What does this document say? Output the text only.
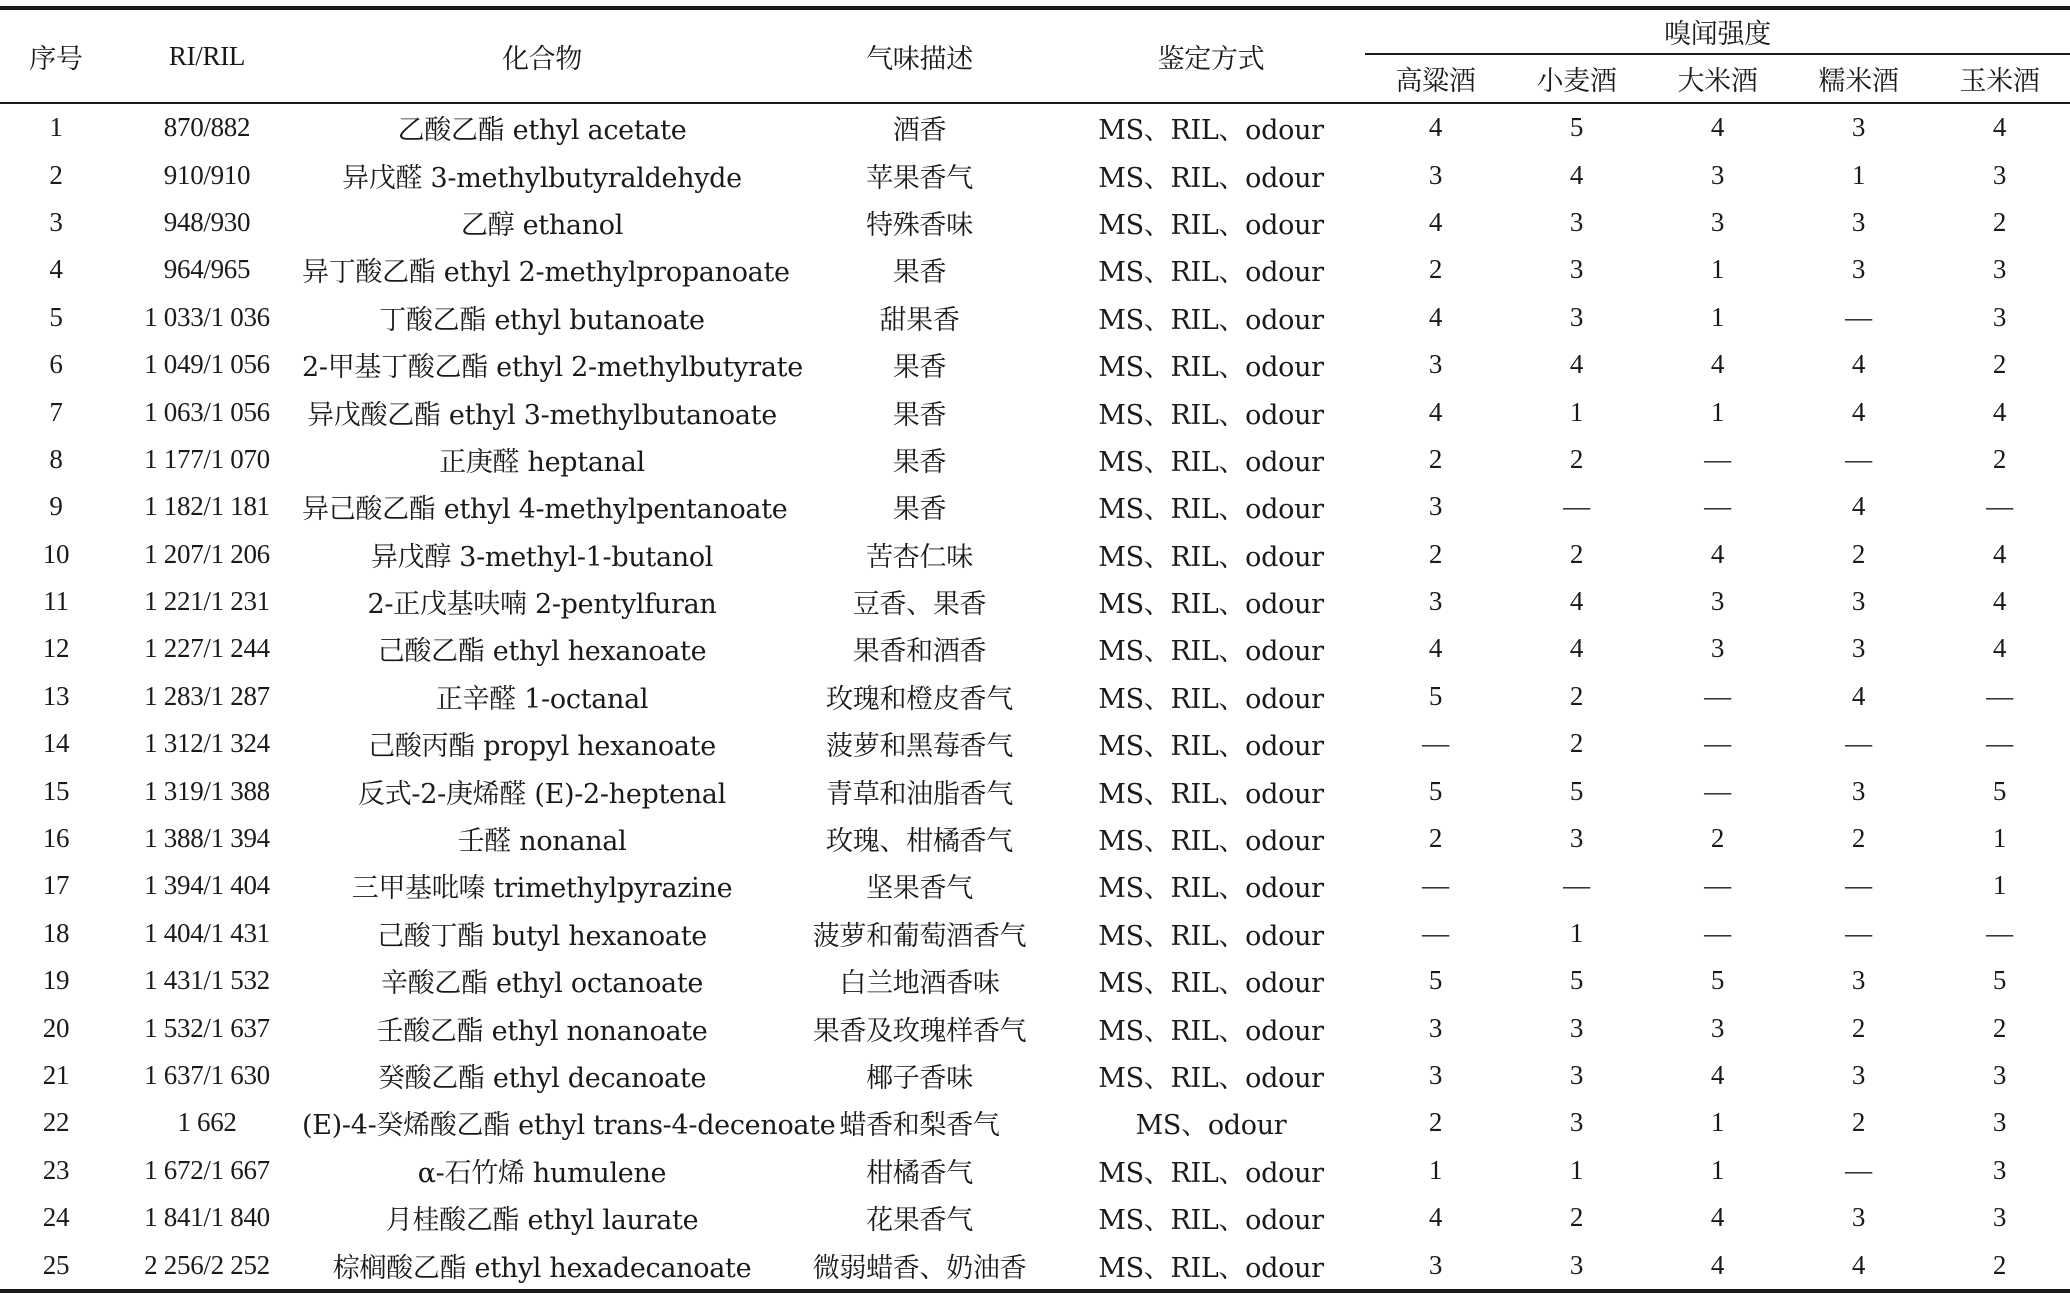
序号	RI/RIL	化合物	气味描述	鉴定方式	嗅闻强度				
					高粱酒	小麦酒	大米酒	糯米酒	玉米酒
1	870/882	乙酸乙酯 ethyl acetate	酒香	MS、RIL、odour	4	5	4	3	4
2	910/910	异戊醛 3-methylbutyraldehyde	苹果香气	MS、RIL、odour	3	4	3	1	3
3	948/930	乙醇 ethanol	特殊香味	MS、RIL、odour	4	3	3	3	2
4	964/965	异丁酸乙酯 ethyl 2-methylpropanoate	果香	MS、RIL、odour	2	3	1	3	3
5	1 033/1 036	丁酸乙酯 ethyl butanoate	甜果香	MS、RIL、odour	4	3	1	—	3
6	1 049/1 056	2-甲基丁酸乙酯 ethyl 2-methylbutyrate	果香	MS、RIL、odour	3	4	4	4	2
7	1 063/1 056	异戊酸乙酯 ethyl 3-methylbutanoate	果香	MS、RIL、odour	4	1	1	4	4
8	1 177/1 070	正庚醛 heptanal	果香	MS、RIL、odour	2	2	—	—	2
9	1 182/1 181	异己酸乙酯 ethyl 4-methylpentanoate	果香	MS、RIL、odour	3	—	—	4	—
10	1 207/1 206	异戊醇 3-methyl-1-butanol	苦杏仁味	MS、RIL、odour	2	2	4	2	4
11	1 221/1 231	2-正戊基呋喃 2-pentylfuran	豆香、果香	MS、RIL、odour	3	4	3	3	4
12	1 227/1 244	己酸乙酯 ethyl hexanoate	果香和酒香	MS、RIL、odour	4	4	3	3	4
13	1 283/1 287	正辛醛 1-octanal	玫瑰和橙皮香气	MS、RIL、odour	5	2	—	4	—
14	1 312/1 324	己酸丙酯 propyl hexanoate	菠萝和黑莓香气	MS、RIL、odour	—	2	—	—	—
15	1 319/1 388	反式-2-庚烯醛 (E)-2-heptenal	青草和油脂香气	MS、RIL、odour	5	5	—	3	5
16	1 388/1 394	壬醛 nonanal	玫瑰、柑橘香气	MS、RIL、odour	2	3	2	2	1
17	1 394/1 404	三甲基吡嗪 trimethylpyrazine	坚果香气	MS、RIL、odour	—	—	—	—	1
18	1 404/1 431	己酸丁酯 butyl hexanoate	菠萝和葡萄酒香气	MS、RIL、odour	—	1	—	—	—
19	1 431/1 532	辛酸乙酯 ethyl octanoate	白兰地酒香味	MS、RIL、odour	5	5	5	3	5
20	1 532/1 637	壬酸乙酯 ethyl nonanoate	果香及玫瑰样香气	MS、RIL、odour	3	3	3	2	2
21	1 637/1 630	癸酸乙酯 ethyl decanoate	椰子香味	MS、RIL、odour	3	3	4	3	3
22	1 662	(E)-4-癸烯酸乙酯 ethyl trans-4-decenoate	蜡香和梨香气	MS、odour	2	3	1	2	3
23	1 672/1 667	α-石竹烯 humulene	柑橘香气	MS、RIL、odour	1	1	1	—	3
24	1 841/1 840	月桂酸乙酯 ethyl laurate	花果香气	MS、RIL、odour	4	2	4	3	3
25	2 256/2 252	棕榈酸乙酯 ethyl hexadecanoate	微弱蜡香、奶油香	MS、RIL、odour	3	3	4	4	2
